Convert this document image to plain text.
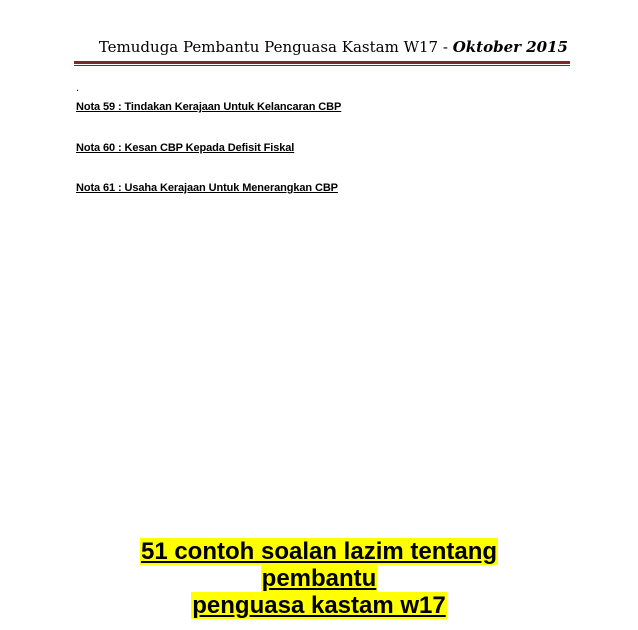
Temuduga Pembantu Penguasa Kastam W17 - Oktober 2015
.
Nota 59 : Tindakan Kerajaan Untuk Kelancaran CBP
Nota 60 : Kesan CBP Kepada Defisit Fiskal
Nota 61 : Usaha Kerajaan Untuk Menerangkan CBP
51 contoh soalan lazim tentang
pembantu
penguasa kastam w17
